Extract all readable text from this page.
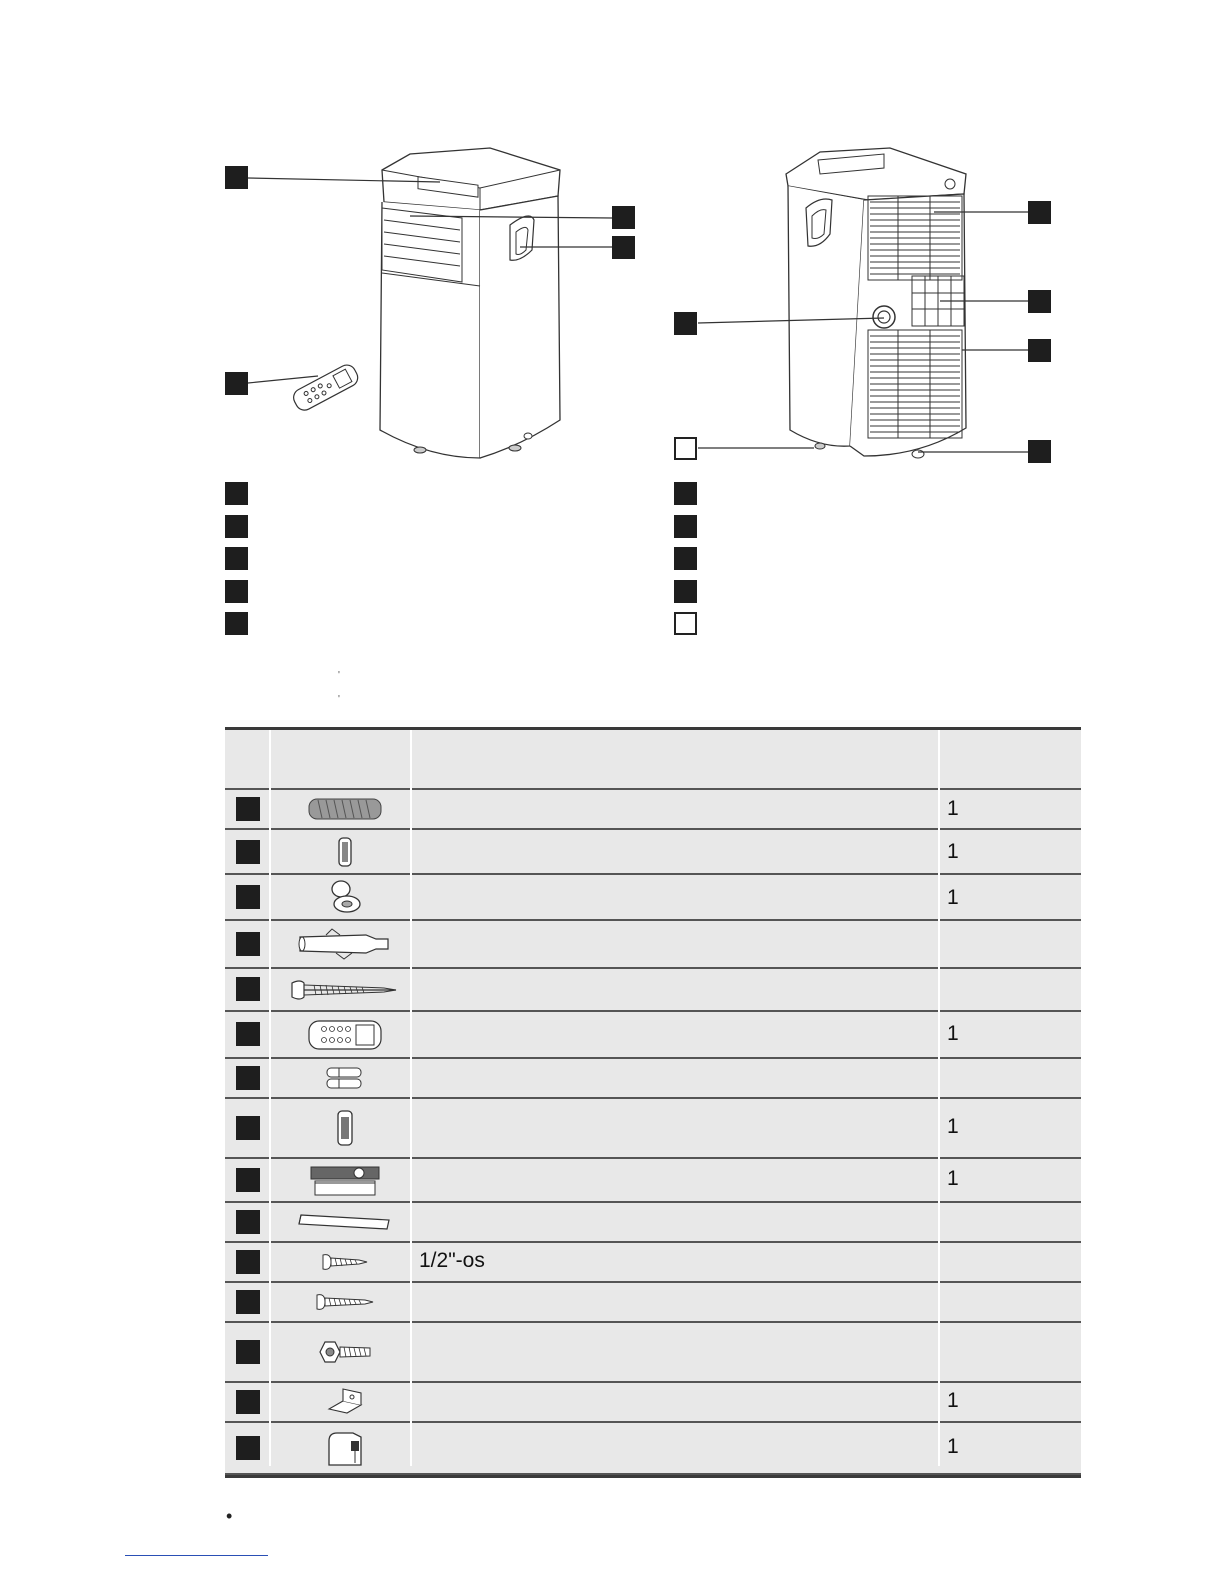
'
'
1
1
1
1
1
1
1/2"-os
1
1
•
